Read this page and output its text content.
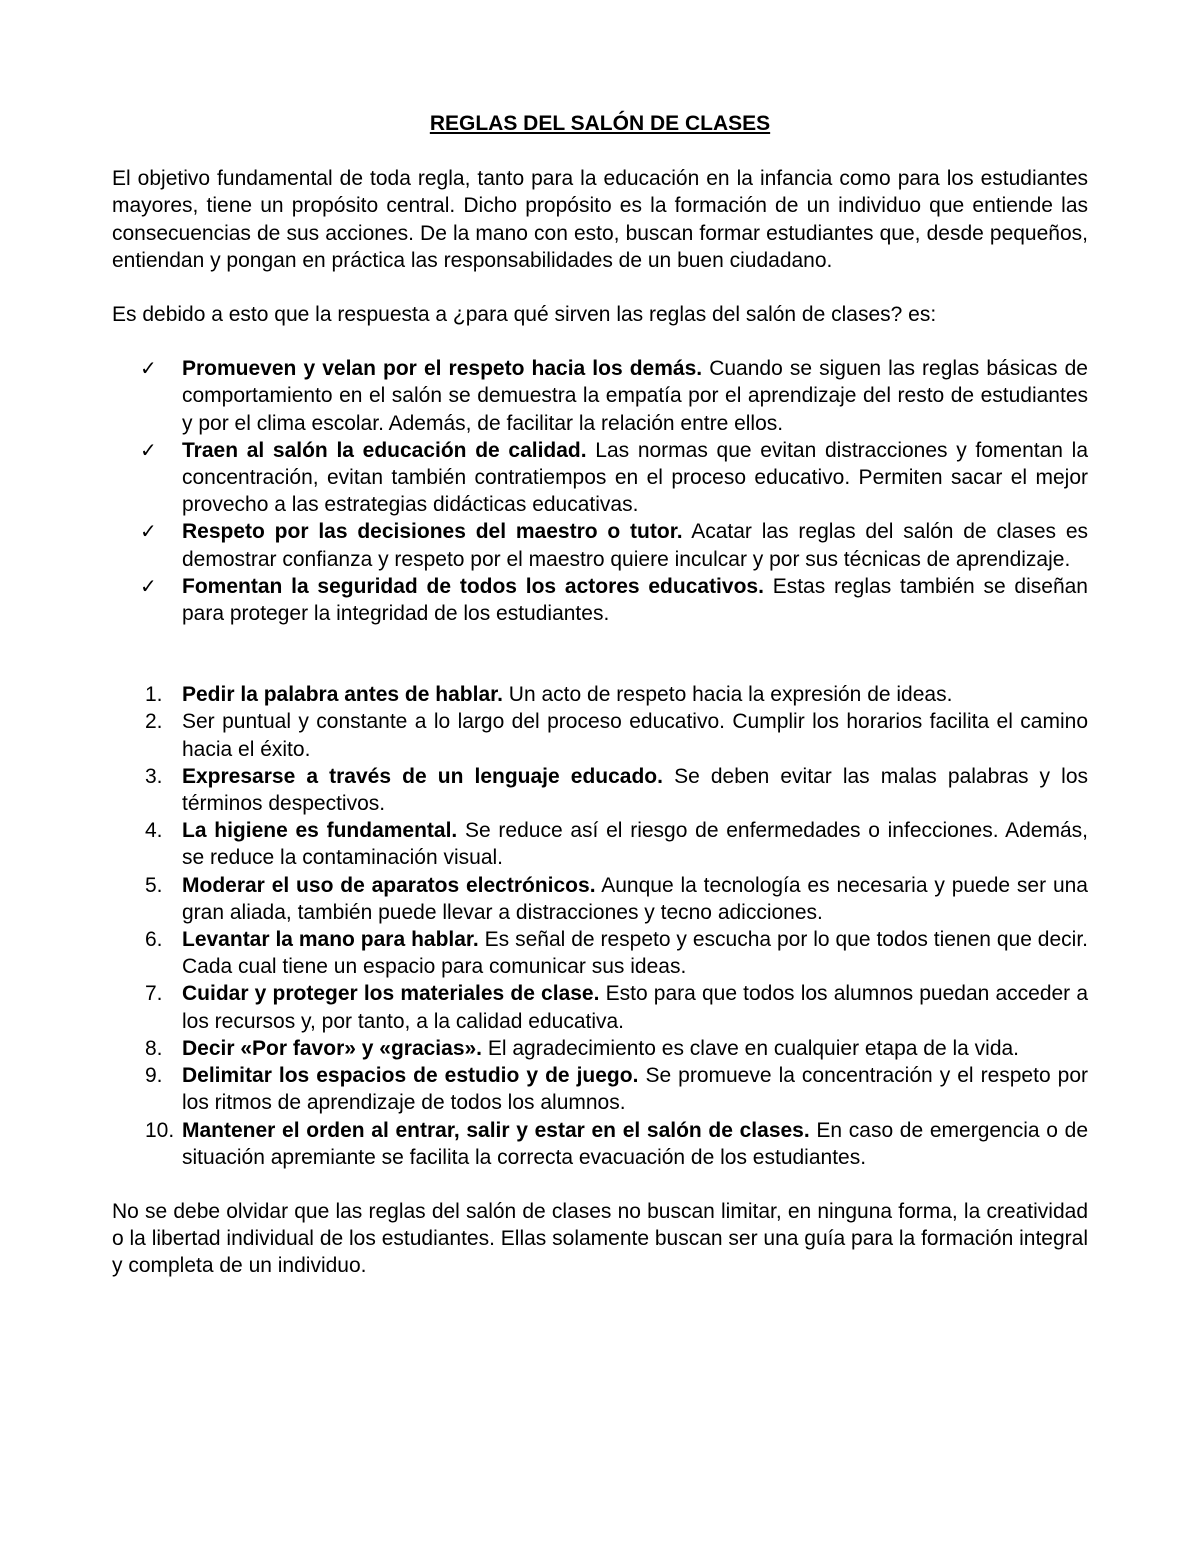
REGLAS DEL SALÓN DE CLASES

El objetivo fundamental de toda regla, tanto para la educación en la infancia como para los estudiantes mayores, tiene un propósito central. Dicho propósito es la formación de un individuo que entiende las consecuencias de sus acciones. De la mano con esto, buscan formar estudiantes que, desde pequeños, entiendan y pongan en práctica las responsabilidades de un buen ciudadano.

Es debido a esto que la respuesta a ¿para qué sirven las reglas del salón de clases? es:

✓ Promueven y velan por el respeto hacia los demás. Cuando se siguen las reglas básicas de comportamiento en el salón se demuestra la empatía por el aprendizaje del resto de estudiantes y por el clima escolar. Además, de facilitar la relación entre ellos.
✓ Traen al salón la educación de calidad. Las normas que evitan distracciones y fomentan la concentración, evitan también contratiempos en el proceso educativo. Permiten sacar el mejor provecho a las estrategias didácticas educativas.
✓ Respeto por las decisiones del maestro o tutor. Acatar las reglas del salón de clases es demostrar confianza y respeto por el maestro quiere inculcar y por sus técnicas de aprendizaje.
✓ Fomentan la seguridad de todos los actores educativos. Estas reglas también se diseñan para proteger la integridad de los estudiantes.
1. Pedir la palabra antes de hablar. Un acto de respeto hacia la expresión de ideas.
2. Ser puntual y constante a lo largo del proceso educativo. Cumplir los horarios facilita el camino hacia el éxito.
3. Expresarse a través de un lenguaje educado. Se deben evitar las malas palabras y los términos despectivos.
4. La higiene es fundamental. Se reduce así el riesgo de enfermedades o infecciones. Además, se reduce la contaminación visual.
5. Moderar el uso de aparatos electrónicos. Aunque la tecnología es necesaria y puede ser una gran aliada, también puede llevar a distracciones y tecno adicciones.
6. Levantar la mano para hablar. Es señal de respeto y escucha por lo que todos tienen que decir. Cada cual tiene un espacio para comunicar sus ideas.
7. Cuidar y proteger los materiales de clase. Esto para que todos los alumnos puedan acceder a los recursos y, por tanto, a la calidad educativa.
8. Decir «Por favor» y «gracias». El agradecimiento es clave en cualquier etapa de la vida.
9. Delimitar los espacios de estudio y de juego. Se promueve la concentración y el respeto por los ritmos de aprendizaje de todos los alumnos.
10. Mantener el orden al entrar, salir y estar en el salón de clases. En caso de emergencia o de situación apremiante se facilita la correcta evacuación de los estudiantes.

No se debe olvidar que las reglas del salón de clases no buscan limitar, en ninguna forma, la creatividad o la libertad individual de los estudiantes. Ellas solamente buscan ser una guía para la formación integral y completa de un individuo.
